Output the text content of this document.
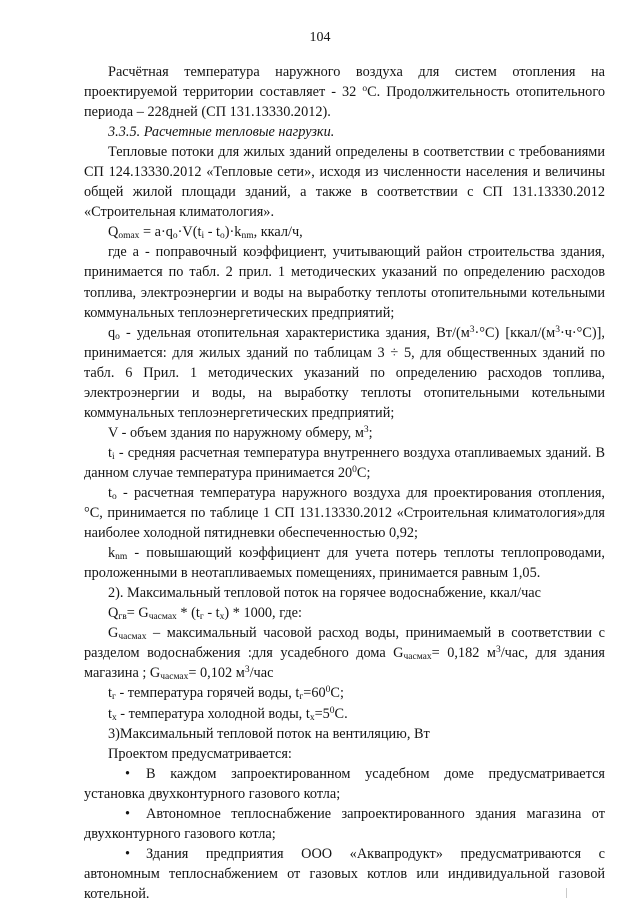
104

Расчётная температура наружного воздуха для систем отопления на проектируемой территории составляет - 32 $^o$С. Продолжительность отопительного периода – 228дней (СП 131.13330.2012).

3.3.5. Расчетные тепловые нагрузки.

Тепловые потоки для жилых зданий определены в соответствии с требованиями СП 124.13330.2012 «Тепловые сети», исходя из численности населения и величины общей жилой площади зданий, а также в соответствии с СП 131.13330.2012 «Строительная климатология».

$Q_{omax} = a\cdot q_o\cdot V(t_i - t_o)\cdot k_{nm}$, ккал/ч,

где а - поправочный коэффициент, учитывающий район строительства здания, принимается по табл. 2 прил. 1 методических указаний по определению расходов топлива, электроэнергии и воды на выработку теплоты отопительными котельными коммунальных теплоэнергетических предприятий;

$q_o$ - удельная отопительная характеристика здания, $Вт/(м^3\cdot^\circ С)$ $[ккал/(м^3\cdot ч\cdot^\circ С)]$, принимается: для жилых зданий по таблицам 3 ÷ 5, для общественных зданий по табл. 6 Прил. 1 методических указаний по определению расходов топлива, электроэнергии и воды, на выработку теплоты отопительными котельными коммунальных теплоэнергетических предприятий;

V - объем здания по наружному обмеру, $м^3$;

$t_i$ - средняя расчетная температура внутреннего воздуха отапливаемых зданий. В данном случае температура принимается $20^0С$;

$t_o$ - расчетная температура наружного воздуха для проектирования отопления, °С, принимается по таблице 1 СП 131.13330.2012 «Строительная климатология»для наиболее холодной пятидневки обеспеченностью 0,92;

$k_{nm}$ - повышающий коэффициент для учета потерь теплоты теплопроводами, проложенными в неотапливаемых помещениях, принимается равным 1,05.

2). Максимальный тепловой поток на горячее водоснабжение, ккал/час

$Q_{гв}= G_{часмах} * (t_г - t_х) * 1000$, где:

$G_{часмах}$ – максимальный часовой расход воды, принимаемый в соответствии с разделом водоснабжения :для усадебного дома $G_{часмах}= 0,182$ $м^3$/час, для здания магазина ; $G_{часмах}= 0,102$ $м^3$/час

$t_г$ - температура горячей воды, $t_г=60^0С$;

$t_х$ - температура холодной воды, $t_х=5^0С$.

3)Максимальный тепловой поток на вентиляцию, Вт

Проектом предусматривается:

• В каждом запроектированном усадебном доме предусматривается установка двухконтурного газового котла;

• Автономное теплоснабжение запроектированного здания магазина от двухконтурного газового котла;

• Здания предприятия ООО «Аквапродукт» предусматриваются с автономным теплоснабжением от газовых котлов или индивидуальной газовой котельной.
